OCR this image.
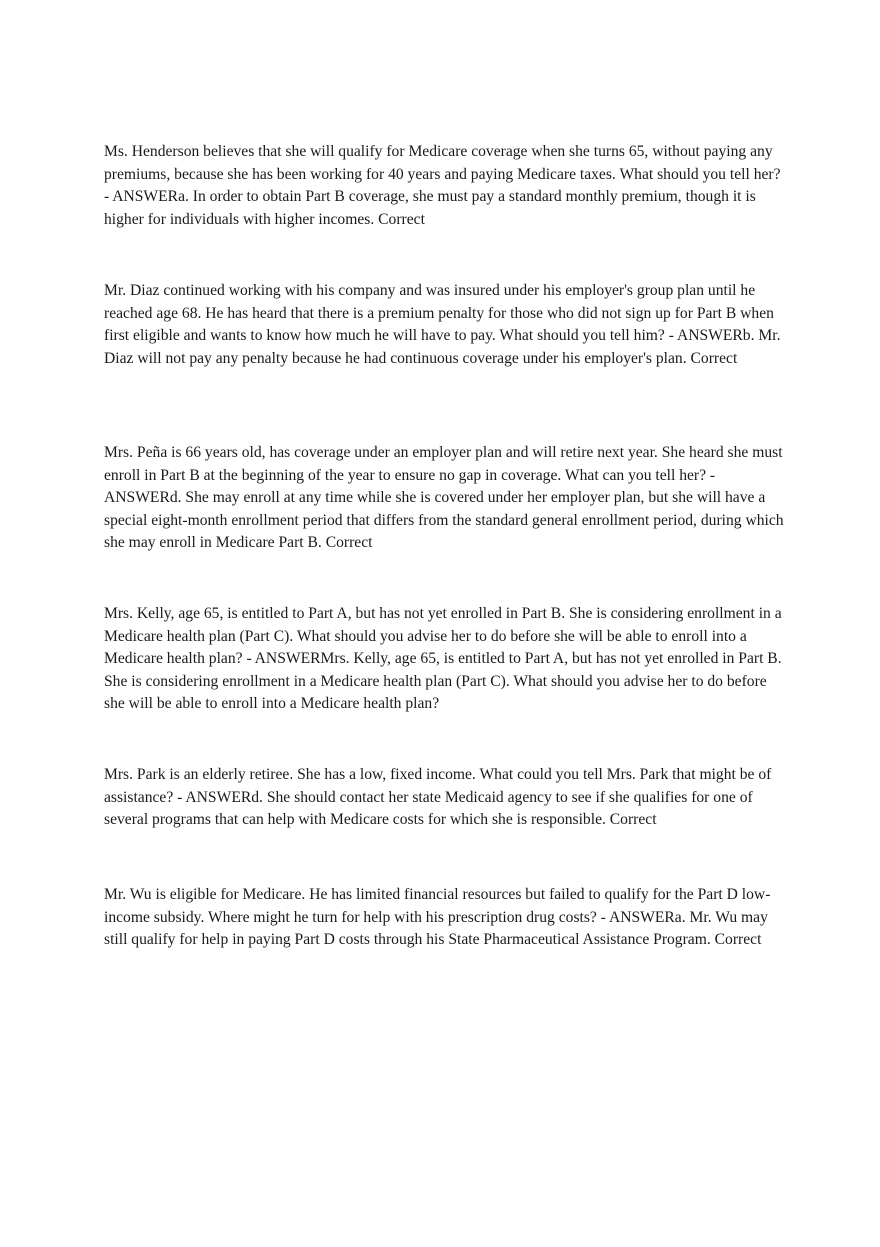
Ms. Henderson believes that she will qualify for Medicare coverage when she turns 65, without paying any premiums, because she has been working for 40 years and paying Medicare taxes. What should you tell her? - ANSWERa. In order to obtain Part B coverage, she must pay a standard monthly premium, though it is higher for individuals with higher incomes. Correct

Mr. Diaz continued working with his company and was insured under his employer's group plan until he reached age 68. He has heard that there is a premium penalty for those who did not sign up for Part B when first eligible and wants to know how much he will have to pay. What should you tell him? - ANSWERb. Mr. Diaz will not pay any penalty because he had continuous coverage under his employer's plan. Correct

Mrs. Peña is 66 years old, has coverage under an employer plan and will retire next year. She heard she must enroll in Part B at the beginning of the year to ensure no gap in coverage. What can you tell her? - ANSWERd. She may enroll at any time while she is covered under her employer plan, but she will have a special eight-month enrollment period that differs from the standard general enrollment period, during which she may enroll in Medicare Part B. Correct

Mrs. Kelly, age 65, is entitled to Part A, but has not yet enrolled in Part B. She is considering enrollment in a Medicare health plan (Part C). What should you advise her to do before she will be able to enroll into a Medicare health plan? - ANSWERMrs. Kelly, age 65, is entitled to Part A, but has not yet enrolled in Part B. She is considering enrollment in a Medicare health plan (Part C). What should you advise her to do before she will be able to enroll into a Medicare health plan?

Mrs. Park is an elderly retiree. She has a low, fixed income. What could you tell Mrs. Park that might be of assistance? - ANSWERd. She should contact her state Medicaid agency to see if she qualifies for one of several programs that can help with Medicare costs for which she is responsible. Correct

Mr. Wu is eligible for Medicare. He has limited financial resources but failed to qualify for the Part D low-income subsidy. Where might he turn for help with his prescription drug costs? - ANSWERa. Mr. Wu may still qualify for help in paying Part D costs through his State Pharmaceutical Assistance Program. Correct
